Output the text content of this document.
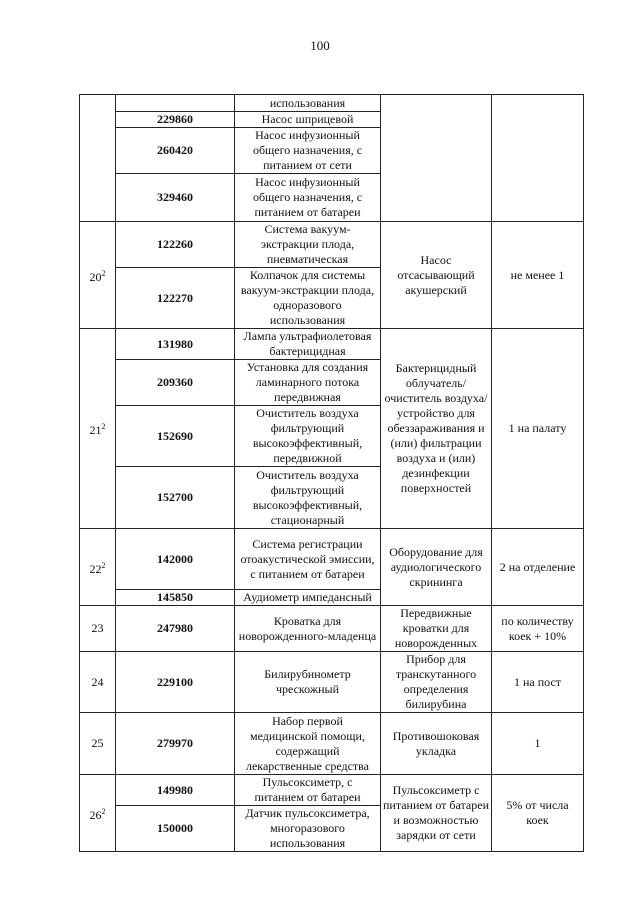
100
		использования		
	229860	Насос шприцевой		
	260420	Насос инфузионный общего назначения, с питанием от сети		
	329460	Насос инфузионный общего назначения, с питанием от батареи		
$20^2$	122260	Система вакуум-экстракции плода, пневматическая	Насос отсасывающий акушерский	не менее 1
	122270	Колпачок для системы вакуум-экстракции плода, одноразового использования		
$21^2$	131980	Лампа ультрафиолетовая бактерицидная	Бактерицидный облучатель/ очиститель воздуха/ устройство для обеззараживания и (или) фильтрации воздуха и (или) дезинфекции поверхностей	1 на палату
	209360	Установка для создания ламинарного потока передвижная		
	152690	Очиститель воздуха фильтрующий высокоэффективный, передвижной		
	152700	Очиститель воздуха фильтрующий высокоэффективный, стационарный		
$22^2$	142000	Система регистрации отоакустической эмиссии, с питанием от батареи	Оборудование для аудиологического скрининга	2 на отделение
	145850	Аудиометр импедансный		
23	247980	Кроватка для новорожденного-младенца	Передвижные кроватки для новорожденных	по количеству коек + 10%
24	229100	Билирубинометр чрескожный	Прибор для транскутанного определения билирубина	1 на пост
25	279970	Набор первой медицинской помощи, содержащий лекарственные средства	Противошоковая укладка	1
$26^2$	149980	Пульсоксиметр, с питанием от батареи	Пульсоксиметр с питанием от батареи и возможностью зарядки от сети	5% от числа коек
	150000	Датчик пульсоксиметра, многоразового использования		
